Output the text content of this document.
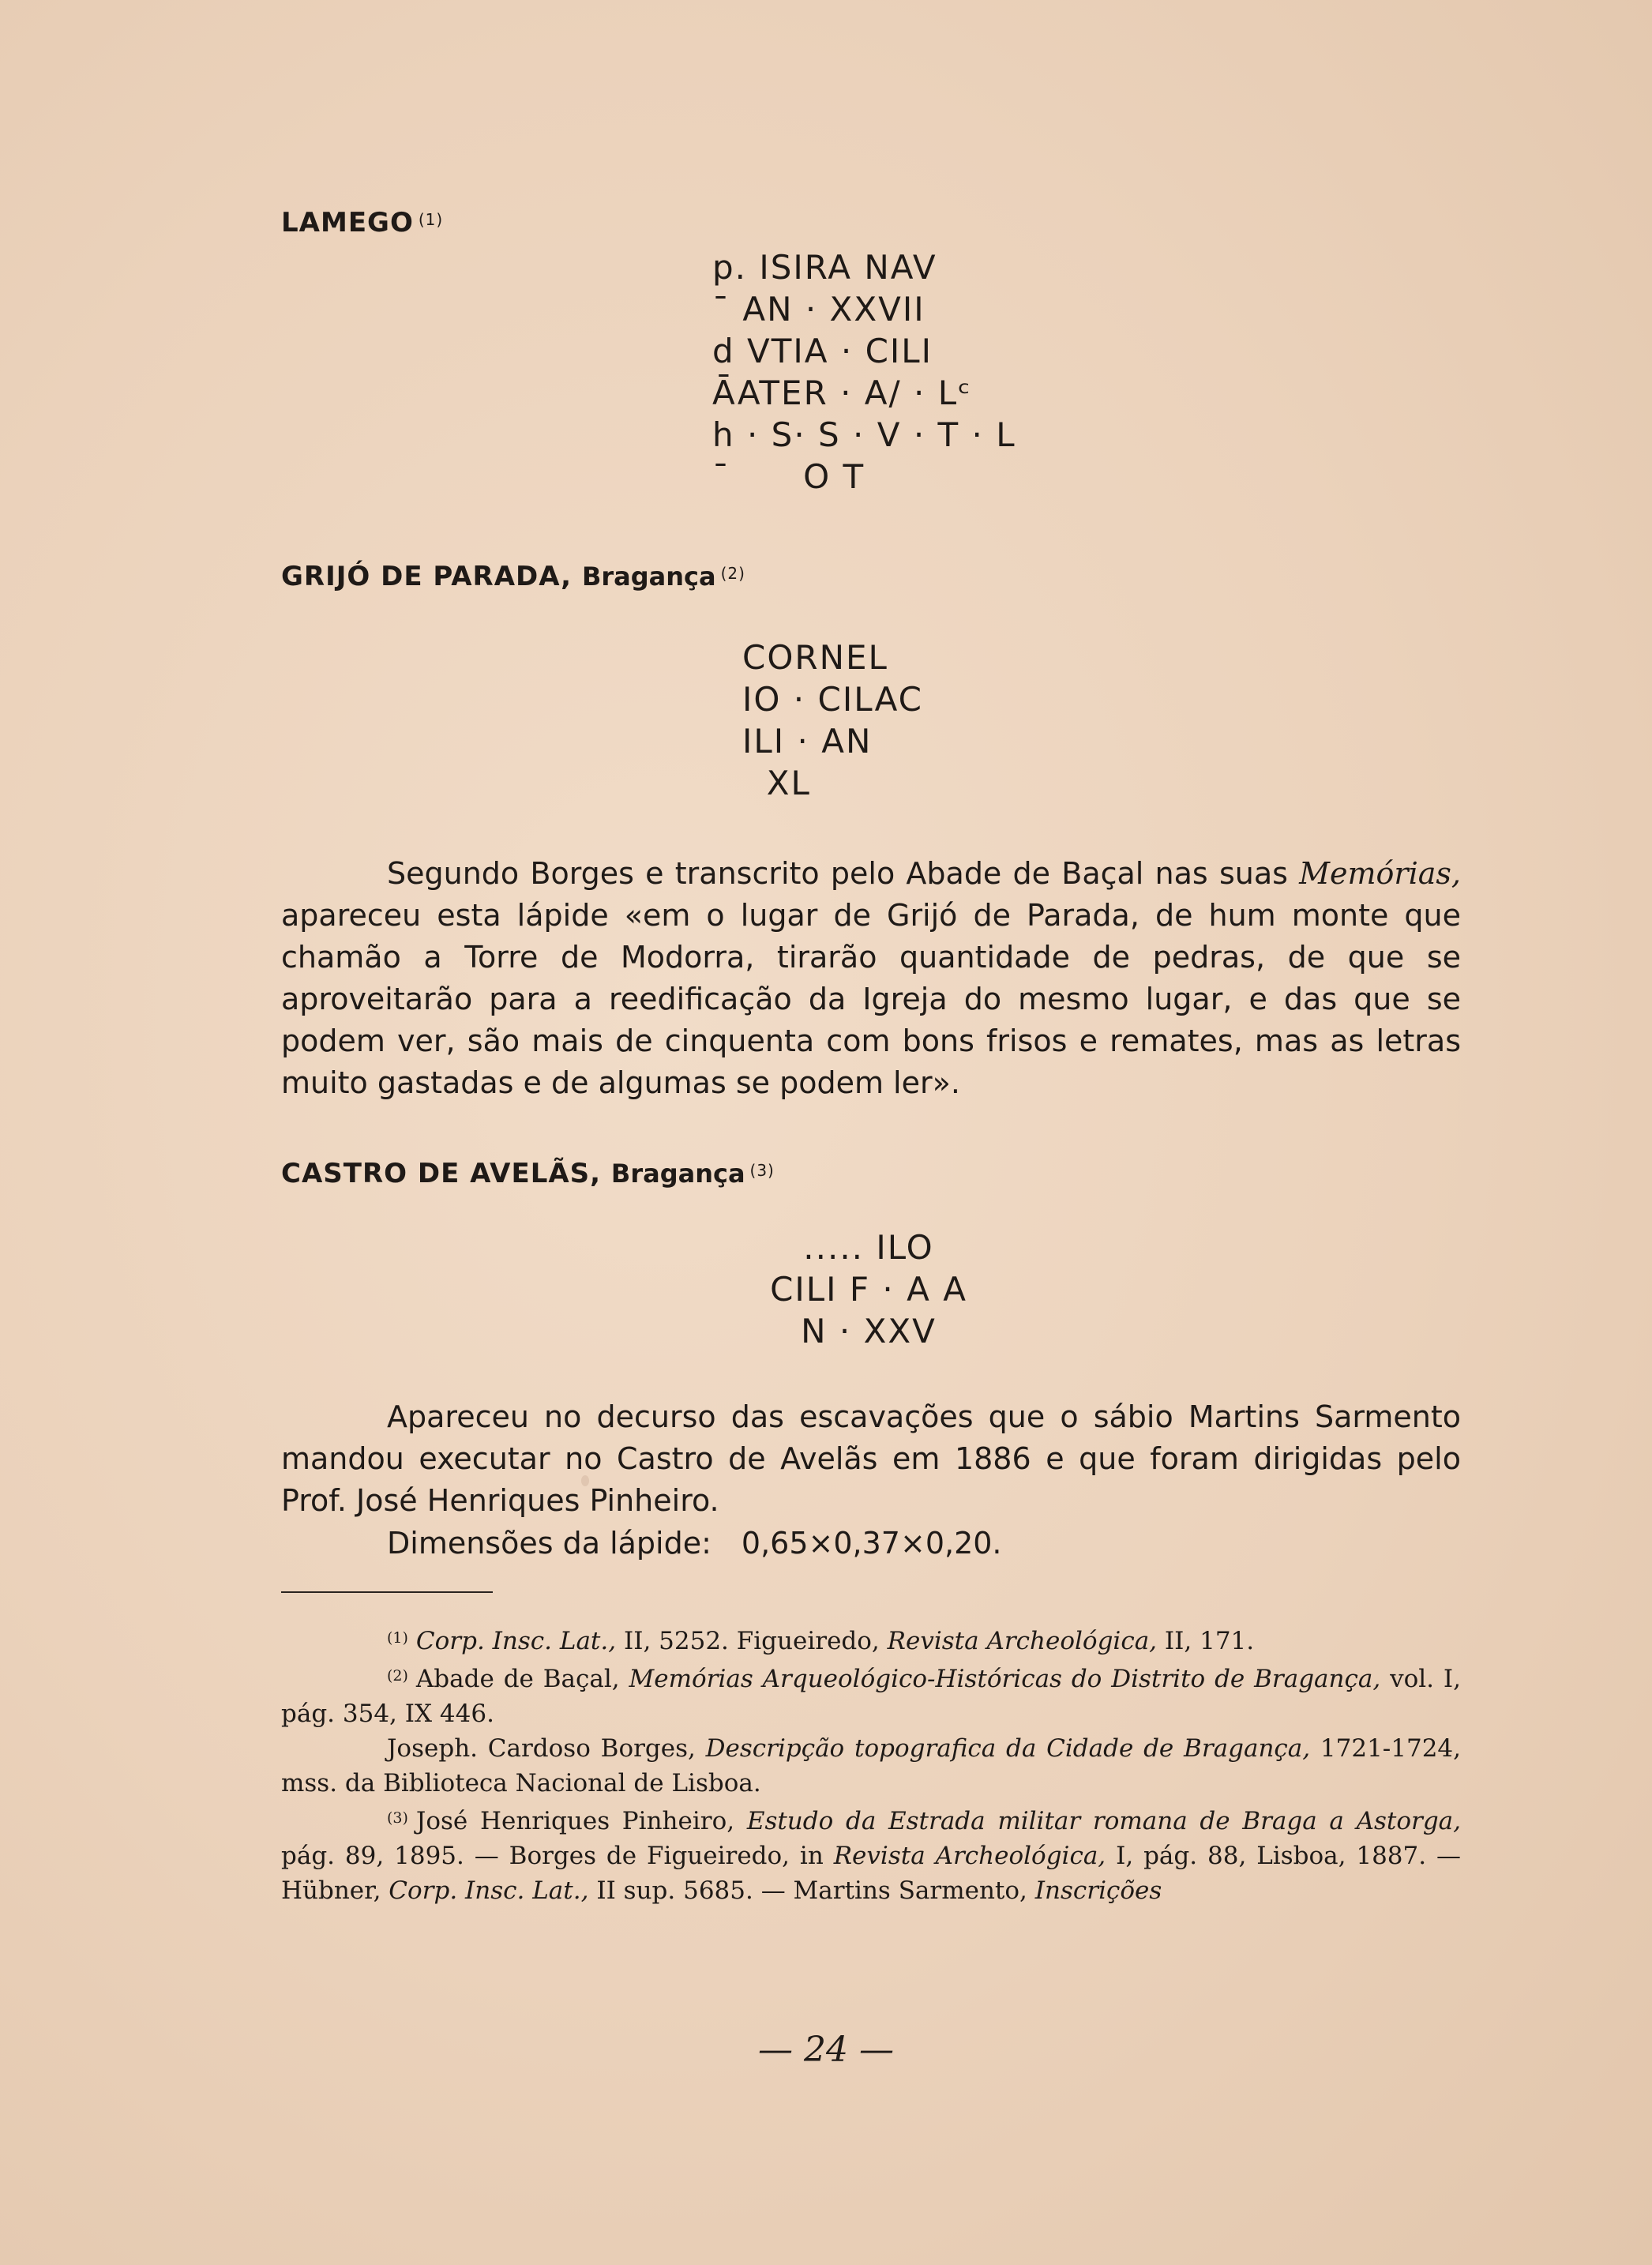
LAMEGO $^{(1)}$
p. ISIRA NAV
¯ AN · XXVII
d VTIA · CILI
ĀATER · A/ · Lᶜ
h · S· S · V · T · L
¯      O T
GRIJÓ DE PARADA, Bragança $^{(2)}$
CORNEL
IO · CILAC
ILI · AN
XL
Segundo Borges e transcrito pelo Abade de Baçal nas suas Memórias, apareceu esta lápide «em o lugar de Grijó de Parada, de hum monte que chamão a Torre de Modorra, tirarão quantidade de pedras, de que se aproveitarão para a reedificação da Igreja do mesmo lugar, e das que se podem ver, são mais de cinquenta com bons frisos e remates, mas as letras muito gastadas e de algumas se podem ler».
CASTRO DE AVELÃS, Bragança $^{(3)}$
..... ILO
CILI F · A A
N · XXV
Apareceu no decurso das escavações que o sábio Martins Sarmento mandou executar no Castro de Avelãs em 1886 e que foram dirigidas pelo Prof. José Henriques Pinheiro.
Dimensões da lápide: 0,65×0,37×0,20.

$^{(1)}$ Corp. Insc. Lat., II, 5252. Figueiredo, Revista Archeológica, II, 171.

$^{(2)}$ Abade de Baçal, Memórias Arqueológico-Históricas do Distrito de Bragança, vol. I, pág. 354, IX 446.

Joseph. Cardoso Borges, Descripção topografica da Cidade de Bragança, 1721-1724, mss. da Biblioteca Nacional de Lisboa.

$^{(3)}$ José Henriques Pinheiro, Estudo da Estrada militar romana de Braga a Astorga, pág. 89, 1895. — Borges de Figueiredo, in Revista Archeológica, I, pág. 88, Lisboa, 1887. — Hübner, Corp. Insc. Lat., II sup. 5685. — Martins Sarmento, Inscrições

— 24 —
